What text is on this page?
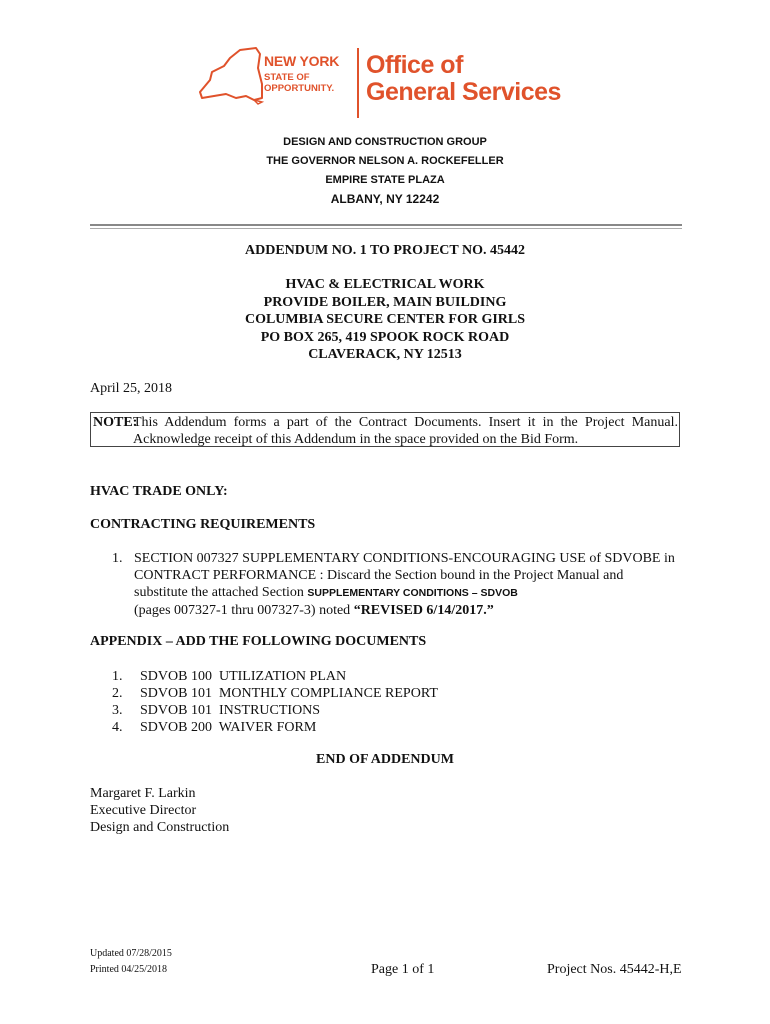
NEW YORK
STATE OF
OPPORTUNITY.
Office of
General Services
DESIGN AND CONSTRUCTION GROUP
THE GOVERNOR NELSON A. ROCKEFELLER
EMPIRE STATE PLAZA
ALBANY, NY 12242
ADDENDUM NO. 1 TO PROJECT NO. 45442
HVAC & ELECTRICAL WORK
PROVIDE BOILER, MAIN BUILDING
COLUMBIA SECURE CENTER FOR GIRLS
PO BOX 265, 419 SPOOK ROCK ROAD
CLAVERACK, NY 12513
April 25, 2018
NOTE:
This Addendum forms a part of the Contract Documents. Insert it in the Project Manual.
Acknowledge receipt of this Addendum in the space provided on the Bid Form.
HVAC TRADE ONLY:
CONTRACTING REQUIREMENTS
1. SECTION 007327 SUPPLEMENTARY CONDITIONS-ENCOURAGING USE of SDVOBE in
CONTRACT PERFORMANCE : Discard the Section bound in the Project Manual and
substitute the attached Section SUPPLEMENTARY CONDITIONS – SDVOB
(pages 007327-1 thru 007327-3) noted “REVISED 6/14/2017.”
APPENDIX – ADD THE FOLLOWING DOCUMENTS
1. SDVOB 100  UTILIZATION PLAN
2. SDVOB 101  MONTHLY COMPLIANCE REPORT
3. SDVOB 101  INSTRUCTIONS
4. SDVOB 200  WAIVER FORM
END OF ADDENDUM
Margaret F. Larkin
Executive Director
Design and Construction
Updated 07/28/2015
Printed 04/25/2018	Page 1 of 1	Project Nos. 45442-H,E
